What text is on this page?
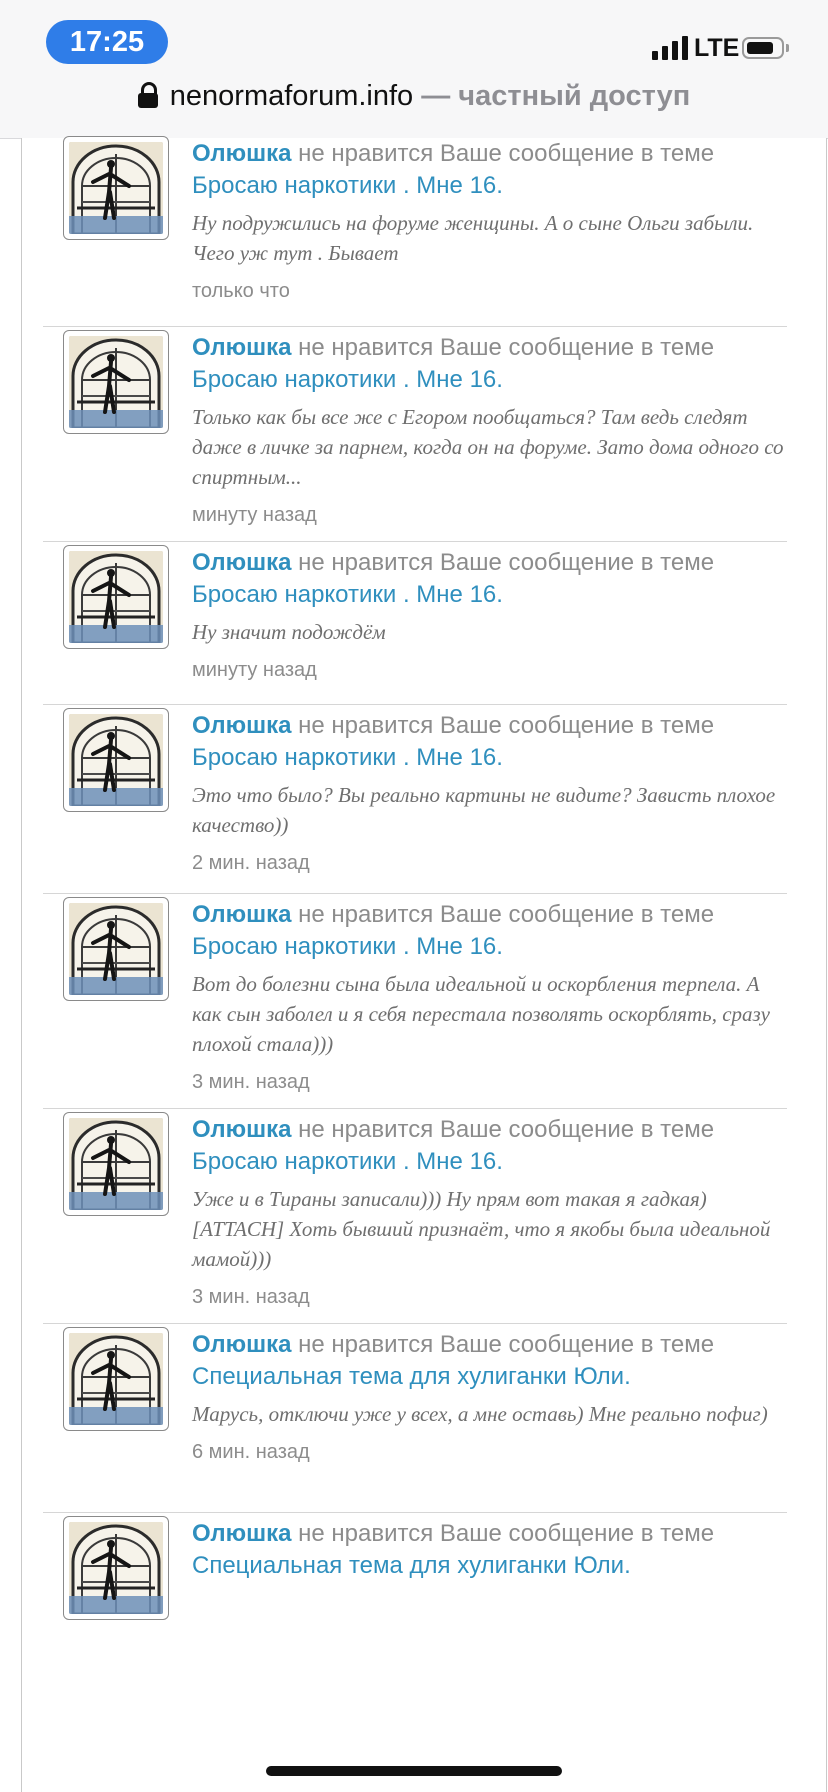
17:25	LTE
nenormaforum.info — частный доступ
Олюшка не нравится Ваше сообщение в теме
Бросаю наркотики . Мне 16.
Ну подружились на форуме женщины. А о сыне Ольги забыли. Чего уж тут . Бывает
только что
Олюшка не нравится Ваше сообщение в теме
Бросаю наркотики . Мне 16.
Только как бы все же с Егором пообщаться? Там ведь следят даже в личке за парнем, когда он на форуме. Зато дома одного со спиртным...
минуту назад
Олюшка не нравится Ваше сообщение в теме
Бросаю наркотики . Мне 16.
Ну значит подождём
минуту назад
Олюшка не нравится Ваше сообщение в теме
Бросаю наркотики . Мне 16.
Это что было? Вы реально картины не видите? Зависть плохое качество))
2 мин. назад
Олюшка не нравится Ваше сообщение в теме
Бросаю наркотики . Мне 16.
Вот до болезни сына была идеальной и оскорбления терпела. А как сын заболел и я себя перестала позволять оскорблять, сразу плохой стала)))
3 мин. назад
Олюшка не нравится Ваше сообщение в теме
Бросаю наркотики . Мне 16.
Уже и в Тираны записали))) Ну прям вот такая я гадкая)[ATTACH] Хоть бывший признаёт, что я якобы была идеальной мамой)))
3 мин. назад
Олюшка не нравится Ваше сообщение в теме
Специальная тема для хулиганки Юли.
Марусь, отключи уже у всех, а мне оставь) Мне реально пофиг)
6 мин. назад
Олюшка не нравится Ваше сообщение в теме
Специальная тема для хулиганки Юли.
